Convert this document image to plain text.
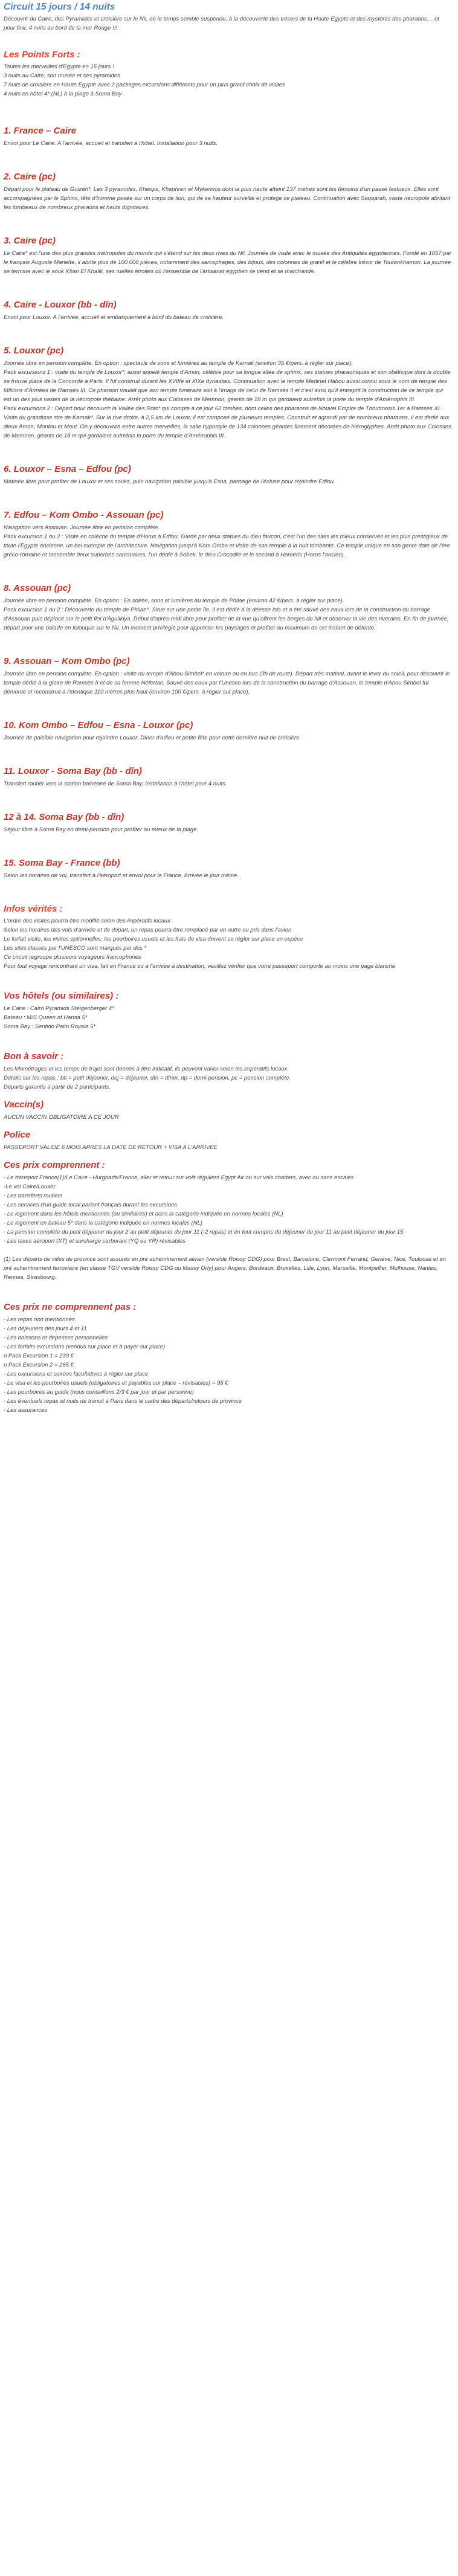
Circuit 15 jours / 14 nuits

Découvrir du Caire, des Pyramides et croisière sur le Nil, où le temps semble suspendu, à la découverte des trésors de la Haute Egypte et des mystères des pharaons… et pour finir, 4 nuits au bord de la mer Rouge !!!

Les Points Forts :
Toutes les merveilles d'Egypte en 15 jours !
3 nuits au Caire, son musée et ses pyramides
7 nuits de croisière en Haute Egypte avec 2 packages excursions différents pour un plus grand choix de visites
4 nuits en hôtel 4* (NL) à la plage à Soma Bay
1. France – Caire

Envol pour Le Caire. A l'arrivée, accueil et transfert à l'hôtel. Installation pour 3 nuits.

2. Caire (pc)

Départ pour le plateau de Guizéh*. Les 3 pyramides, Kheops, Khephren et Mykerinos dont la plus haute atteint 137 mètres sont les témoins d'un passé fastueux. Elles sont accompagnées par le Sphinx, tête d'homme posée sur un corps de lion, qui de sa hauteur surveille et protège ce plateau. Continuation avec Saqqarah, vaste nécropole abritant les tombeaux de nombreux pharaons et hauts dignitaires.

3. Caire (pc)

Le Caire* est l'une des plus grandes métropoles du monde qui s'étend sur les deux rives du Nil. Journée de visite avec le musée des Antiquités égyptiennes. Fondé en 1857 par le français Auguste Mariette, il abrite plus de 100 000 pièces, notamment des sarcophages, des bijoux, des colonnes de granit et le célèbre trésor de Toutankhamon. La journée se termine avec le souk Khan El Khalili, ses ruelles étroites où l'ensemble de l'artisanat égyptien se vend et se marchande.

4. Caire - Louxor (bb - dîn)

Envol pour Louxor. A l'arrivée, accueil et embarquement à bord du bateau de croisière.

5. Louxor (pc)

Journée libre en pension complète. En option : spectacle de sons et lumières au temple de Karnak (environ 35 €/pers. à régler sur place).

Pack excursions 1 : visite du temple de Louxor*, aussi appelé temple d'Amon, célèbre pour sa longue allée de sphinx, ses statues pharaoniques et son obélisque dont le double se trouve place de la Concorde à Paris. Il fut construit durant les XVIIIe et XIXe dynasties. Continuation avec le temple Medinet Habou aussi connu sous le nom de temple des Millions d'Années de Ramsès III. Ce pharaon voulait que son temple funéraire soit à l'image de celui de Ramsès II et c'est ainsi qu'il entreprit la construction de ce temple qui est un des plus vastes de la nécropole thébaine. Arrêt photo aux Colosses de Memnon, géants de 18 m qui gardaient autrefois la porte du temple d'Aménophis III.

Pack excursions 2 : Départ pour découvrir la Vallée des Rois* qui compte à ce jour 62 tombes, dont celles des pharaons de Nouvel Empire de Thoutmosis 1er à Ramsès XI. Visite du grandiose site de Karnak*. Sur la rive droite, à 2,5 km de Louxor, il est composé de plusieurs temples. Construit et agrandi par de nombreux pharaons, il est dédié aux dieux Amon, Montou et Mout. On y découvrira entre autres merveilles, la salle hypostyle de 134 colonnes géantes finement décorées de hiéroglyphes. Arrêt photo aux Colosses de Memnon, géants de 18 m qui gardaient autrefois la porte du temple d'Aménophis III.

6. Louxor – Esna – Edfou (pc)

Matinée libre pour profiter de Louxor et ses souks, puis navigation paisible jusqu'à Esna, passage de l'écluse pour rejoindre Edfou.

7. Edfou – Kom Ombo - Assouan (pc)

Navigation vers Assouan. Journée libre en pension complète.

Pack excursion 1 ou 2 : Visite en calèche du temple d'Horus à Edfou. Gardé par deux statues du dieu faucon, c'est l'un des sites les mieux conservés et les plus prestigieux de toute l'Egypte ancienne, un bel exemple de l'architecture. Navigation jusqu'à Kom Ombo et visite de son temple à la nuit tombante. Ce temple unique en son genre date de l'ère gréco-romaine et rassemble deux superbes sanctuaires, l'un dédié à Sobek, le dieu Crocodile et le second à Haroéris (Horus l'ancien).

8. Assouan (pc)

Journée libre en pension complète. En option : En soirée, sons et lumières au temple de Philae (environ 42 €/pers. à régler sur place).

Pack excursion 1 ou 2 : Découverte du temple de Philae*. Situé sur une petite île, il est dédié à la déesse Isis et a été sauvé des eaux lors de la construction du barrage d'Assouan puis déplacé sur le petit îlot d'Aguilkiya. Début d'après-midi libre pour profiter de la vue qu'offrent les berges du Nil et observer la vie des riverains. En fin de journée, départ pour une balade en felouque sur le Nil. Un moment privilégié pour apprécier les paysages et profiter au maximum de cet instant de détente.

9. Assouan – Kom Ombo (pc)

Journée libre en pension complète. En option : visite du temple d'Abou Simbel* en voiture ou en bus (3h de route). Départ très matinal, avant le lever du soleil, pour découvrir le temple dédié à la gloire de Ramsès II et de sa femme Néfertari. Sauvé des eaux par l'Unesco lors de la construction du barrage d'Assouan, le temple d'Abou Simbel fut démonté et reconstruit à l'identique 110 mètres plus haut (environ 100 €/pers. à régler sur place).

10. Kom Ombo – Edfou – Esna - Louxor (pc)

Journée de paisible navigation pour rejoindre Louxor. Dîner d'adieu et petite fête pour cette dernière nuit de croisière.

11. Louxor - Soma Bay (bb - dîn)

Transfert routier vers la station balnéaire de Soma Bay. Installation à l'hôtel pour 4 nuits.

12 à 14. Soma Bay (bb - dîn)

Séjour libre à Soma Bay en demi-pension pour profiter au mieux de la plage.

15. Soma Bay - France (bb)

Selon les horaires de vol, transfert à l'aéroport et envol pour la France. Arrivée le jour même.

Infos vérités :
L'ordre des visites pourra être modifié selon des impératifs locaux
Selon les horaires des vols d'arrivée et de départ, un repas pourra être remplacé par un autre ou pris dans l'avion
Le forfait visite, les visites optionnelles, les pourboires usuels et les frais de visa doivent se régler sur place en espèce
Les sites classés par l'UNESCO sont marqués par des *
Ce circuit regroupe plusieurs voyageurs francophones
Pour tout voyage rencontrant un visa, fait en France ou à l'arrivée à destination, veuillez vérifier que votre passeport comporte au moins une page blanche
Vos hôtels (ou similaires) :
Le Caire : Cairo Pyramids Steigenberger 4*
Bateau : M/S Queen of Hansa 5*
Soma Bay : Sentido Palm Royale 5*
Bon à savoir :
Les kilométrages et les temps de trajet sont donnés à titre indicatif, ils peuvent varier selon les impératifs locaux.
Détails sur les repas : bb = petit déjeuner, dej = déjeuner, dîn = dîner, dp = demi-pension, pc = pension complète.
Départs garantis à partir de 2 participants.
Vaccin(s)
AUCUN VACCIN OBLIGATOIRE A CE JOUR
Police
PASSEPORT VALIDE 6 MOIS APRES LA DATE DE RETOUR + VISA A L'ARRIVEE
Ces prix comprennent :
- Le transport France(1)/Le Caire - Hurghada/France, aller et retour sur vols réguliers Egypt Air ou sur vols charters, avec ou sans escales
-Le vol Caire/Louxor
- Les transferts routiers
- Les services d'un guide local parlant français durant les excursions
- Le logement dans les hôtels mentionnés (ou similaires) et dans la catégorie indiquée en normes locales (NL)
- Le logement en bateau 5* dans la catégorie indiquée en normes locales (NL)
- La pension complète du petit déjeuner du jour 2 au petit déjeuner du jour 11 (-2 repas) et en tout compris du déjeuner du jour 11 au petit déjeuner du jour 15
- Les taxes aéroport (XT) et surcharge carburant (YQ ou YR) révisables
(1) Les départs de villes de province sont assurés en pré acheminement aérien (vers/de Roissy CDG) pour Brest, Barcelone, Clermont Ferrand, Genève, Nice, Toulouse et en pré acheminement ferroviaire (en classe TGV vers/de Roissy CDG ou Massy Orly) pour Angers, Bordeaux, Bruxelles, Lille, Lyon, Marseille, Montpellier, Mulhouse, Nantes, Rennes, Strasbourg.
Ces prix ne comprennent pas :
- Les repas non mentionnés
- Les déjeuners des jours 4 et 11
- Les boissons et dépenses personnelles
- Les forfaits excursions (vendus sur place et à payer sur place)
o Pack Excursion 1 = 230 €
o Pack Excursion 2 = 265 €
- Les excursions et soirées facultatives à régler sur place
- Le visa et les pourboires usuels (obligatoires et payables sur place – révisables) = 95 €
- Les pourboires au guide (nous conseillons 2/3 € par jour et par personne)
- Les éventuels repas et nuits de transit à Paris dans le cadre des départs/retours de province
- Les assurances
